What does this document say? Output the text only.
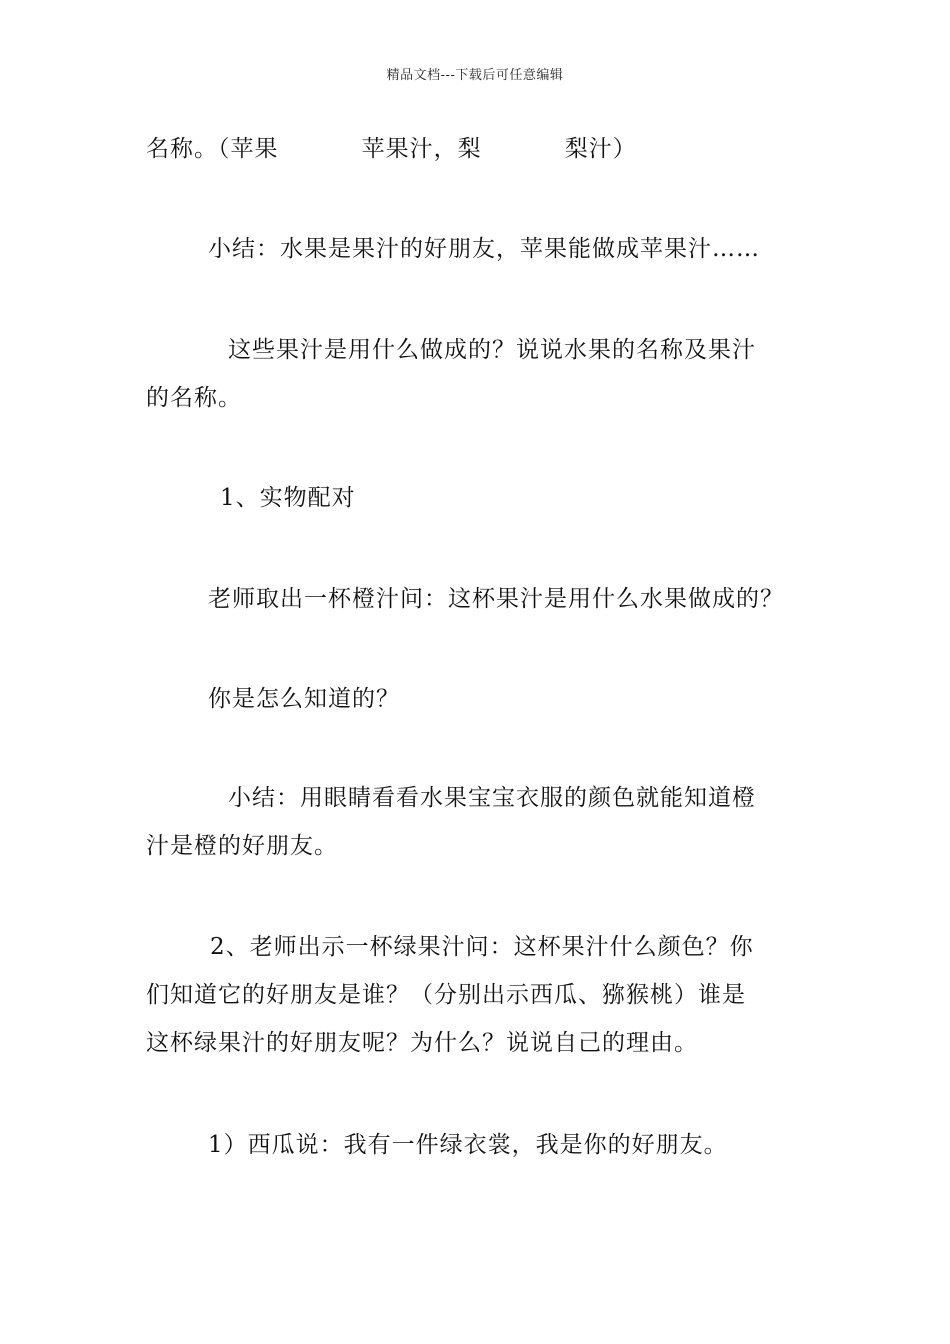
精品文档---下载后可任意编辑
名称。（苹果          苹果汁，梨          梨汁）
小结：水果是果汁的好朋友，苹果能做成苹果汁……
这些果汁是用什么做成的？说说水果的名称及果汁
的名称。
1、实物配对
老师取出一杯橙汁问：这杯果汁是用什么水果做成的？
你是怎么知道的？
小结：用眼睛看看水果宝宝衣服的颜色就能知道橙
汁是橙的好朋友。
2、老师出示一杯绿果汁问：这杯果汁什么颜色？你
们知道它的好朋友是谁？（分别出示西瓜、猕猴桃）谁是
这杯绿果汁的好朋友呢？为什么？说说自己的理由。
1）西瓜说：我有一件绿衣裳，我是你的好朋友。
